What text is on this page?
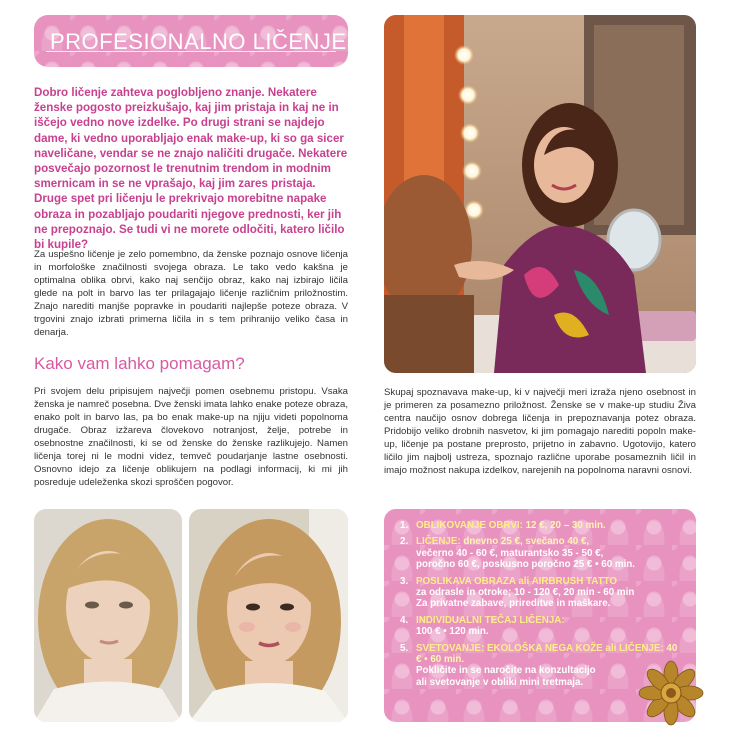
PROFESIONALNO LIČENJE

Dobro ličenje zahteva poglobljeno znanje. Nekatere ženske pogosto preizkušajo, kaj jim pristaja in kaj ne in iščejo vedno nove izdelke. Po drugi strani se najdejo dame, ki vedno uporabljajo enak make-up, ki so ga sicer naveličane, vendar se ne znajo naličiti drugače. Nekatere posvečajo pozornost le trenutnim trendom in modnim smernicam in se ne vprašajo, kaj jim zares pristaja. Druge spet pri ličenju le prekrivajo morebitne napake obraza in pozabljajo poudariti njegove prednosti, ker jih ne prepoznajo. Se tudi vi ne morete odločiti, katero ličilo bi kupile?

Za uspešno ličenje je zelo pomembno, da ženske poznajo osnove ličenja in morfološke značilnosti svojega obraza. Le tako vedo kakšna je optimalna oblika obrvi, kako naj senčijo obraz, kako naj izbirajo ličila glede na polt in barvo las ter prilagajajo ličenje različnim priložnostim. Znajo narediti manjše popravke in poudariti najlepše poteze obraza. V trgovini znajo izbrati primerna ličila in s tem prihranijo veliko časa in denarja.

Kako vam lahko pomagam?

Pri svojem delu pripisujem največji pomen osebnemu pristopu. Vsaka ženska je namreč posebna. Dve ženski imata lahko enake poteze obraza, enako polt in barvo las, pa bo enak make-up na njiju videti popolnoma drugače. Obraz izžareva človekovo notranjost, želje, potrebe in osebnostne značilnosti, ki se od ženske do ženske razlikujejo. Namen ličenja torej ni le modni videz, temveč poudarjanje lastne osebnosti. Osnovno idejo za ličenje oblikujem na podlagi informacij, ki mi jih posreduje udeleženka skozi sproščen pogovor.

Skupaj spoznavava make-up, ki v največji meri izraža njeno osebnost in je primeren za posamezno priložnost. Ženske se v make-up studiu Živa centra naučijo osnov dobrega ličenja in prepoznavanja potez obraza. Pridobijo veliko drobnih nasvetov, ki jim pomagajo narediti popoln make-up, ličenje pa postane preprosto, prijetno in zabavno. Ugotovijo, katero ličilo jim najbolj ustreza, spoznajo različne uporabe posameznih ličil in imajo možnost nakupa izdelkov, narejenih na popolnoma naravni osnovi.

1. OBLIKOVANJE OBRVI: 12 €, 20 – 30 min.
2. LIČENJE: dnevno 25 €, svečano 40 €,
večerno 40 - 60 €, maturantsko 35 - 50 €,
poročno 60 €, poskusno poročno 25 € • 60 min.
3. POSLIKAVA OBRAZA ali AIRBRUSH TATTO
za odrasle in otroke; 10 - 120 €, 20 min - 60 min
Za privatne zabave, prireditve in maškare.
4. INDIVIDUALNI TEČAJ LIČENJA:
100 € • 120 min.
5. SVETOVANJE: EKOLOŠKA NEGA KOŽE ali LIČENJE: 40 € • 60 min.
Pokličite in se naročite na konzultacijo
ali svetovanje v obliki mini tretmaja.
